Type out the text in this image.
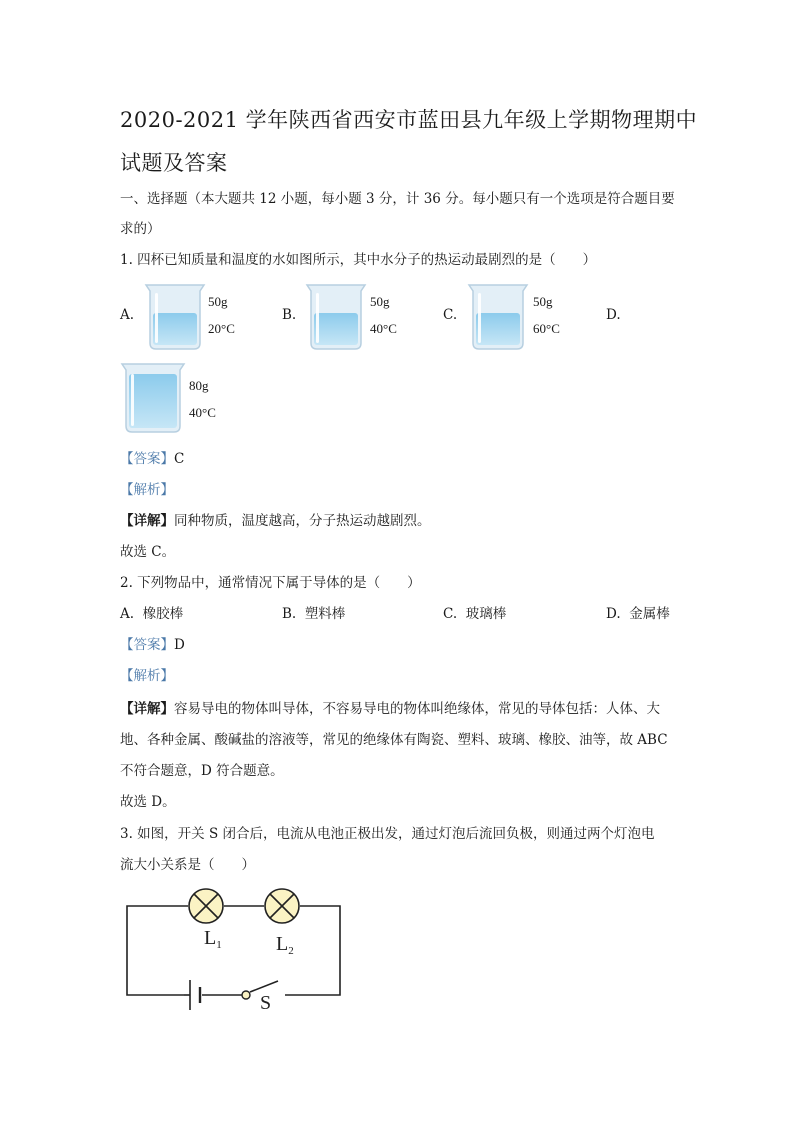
2020-2021 学年陕西省西安市蓝田县九年级上学期物理期中
试题及答案
一、选择题（本大题共 12 小题，每小题 3 分，计 36 分。每小题只有一个选项是符合题目要
求的）
1. 四杯已知质量和温度的水如图所示，其中水分子的热运动最剧烈的是（　　）
A.
50g
20°C
B.
50g
40°C
C.
50g
60°C
D.
80g
40°C
【答案】C
【解析】
【详解】同种物质，温度越高，分子热运动越剧烈。
故选 C。
2. 下列物品中，通常情况下属于导体的是（　　）
A. 橡胶棒	B. 塑料棒	C. 玻璃棒	D. 金属棒
【答案】D
【解析】
【详解】容易导电的物体叫导体，不容易导电的物体叫绝缘体，常见的导体包括：人体、大
地、各种金属、酸碱盐的溶液等，常见的绝缘体有陶瓷、塑料、玻璃、橡胶、油等，故 ABC
不符合题意，D 符合题意。
故选 D。
3. 如图，开关 S 闭合后，电流从电池正极出发，通过灯泡后流回负极，则通过两个灯泡电
流大小关系是（　　）
$L_1$	$L_2$
S
